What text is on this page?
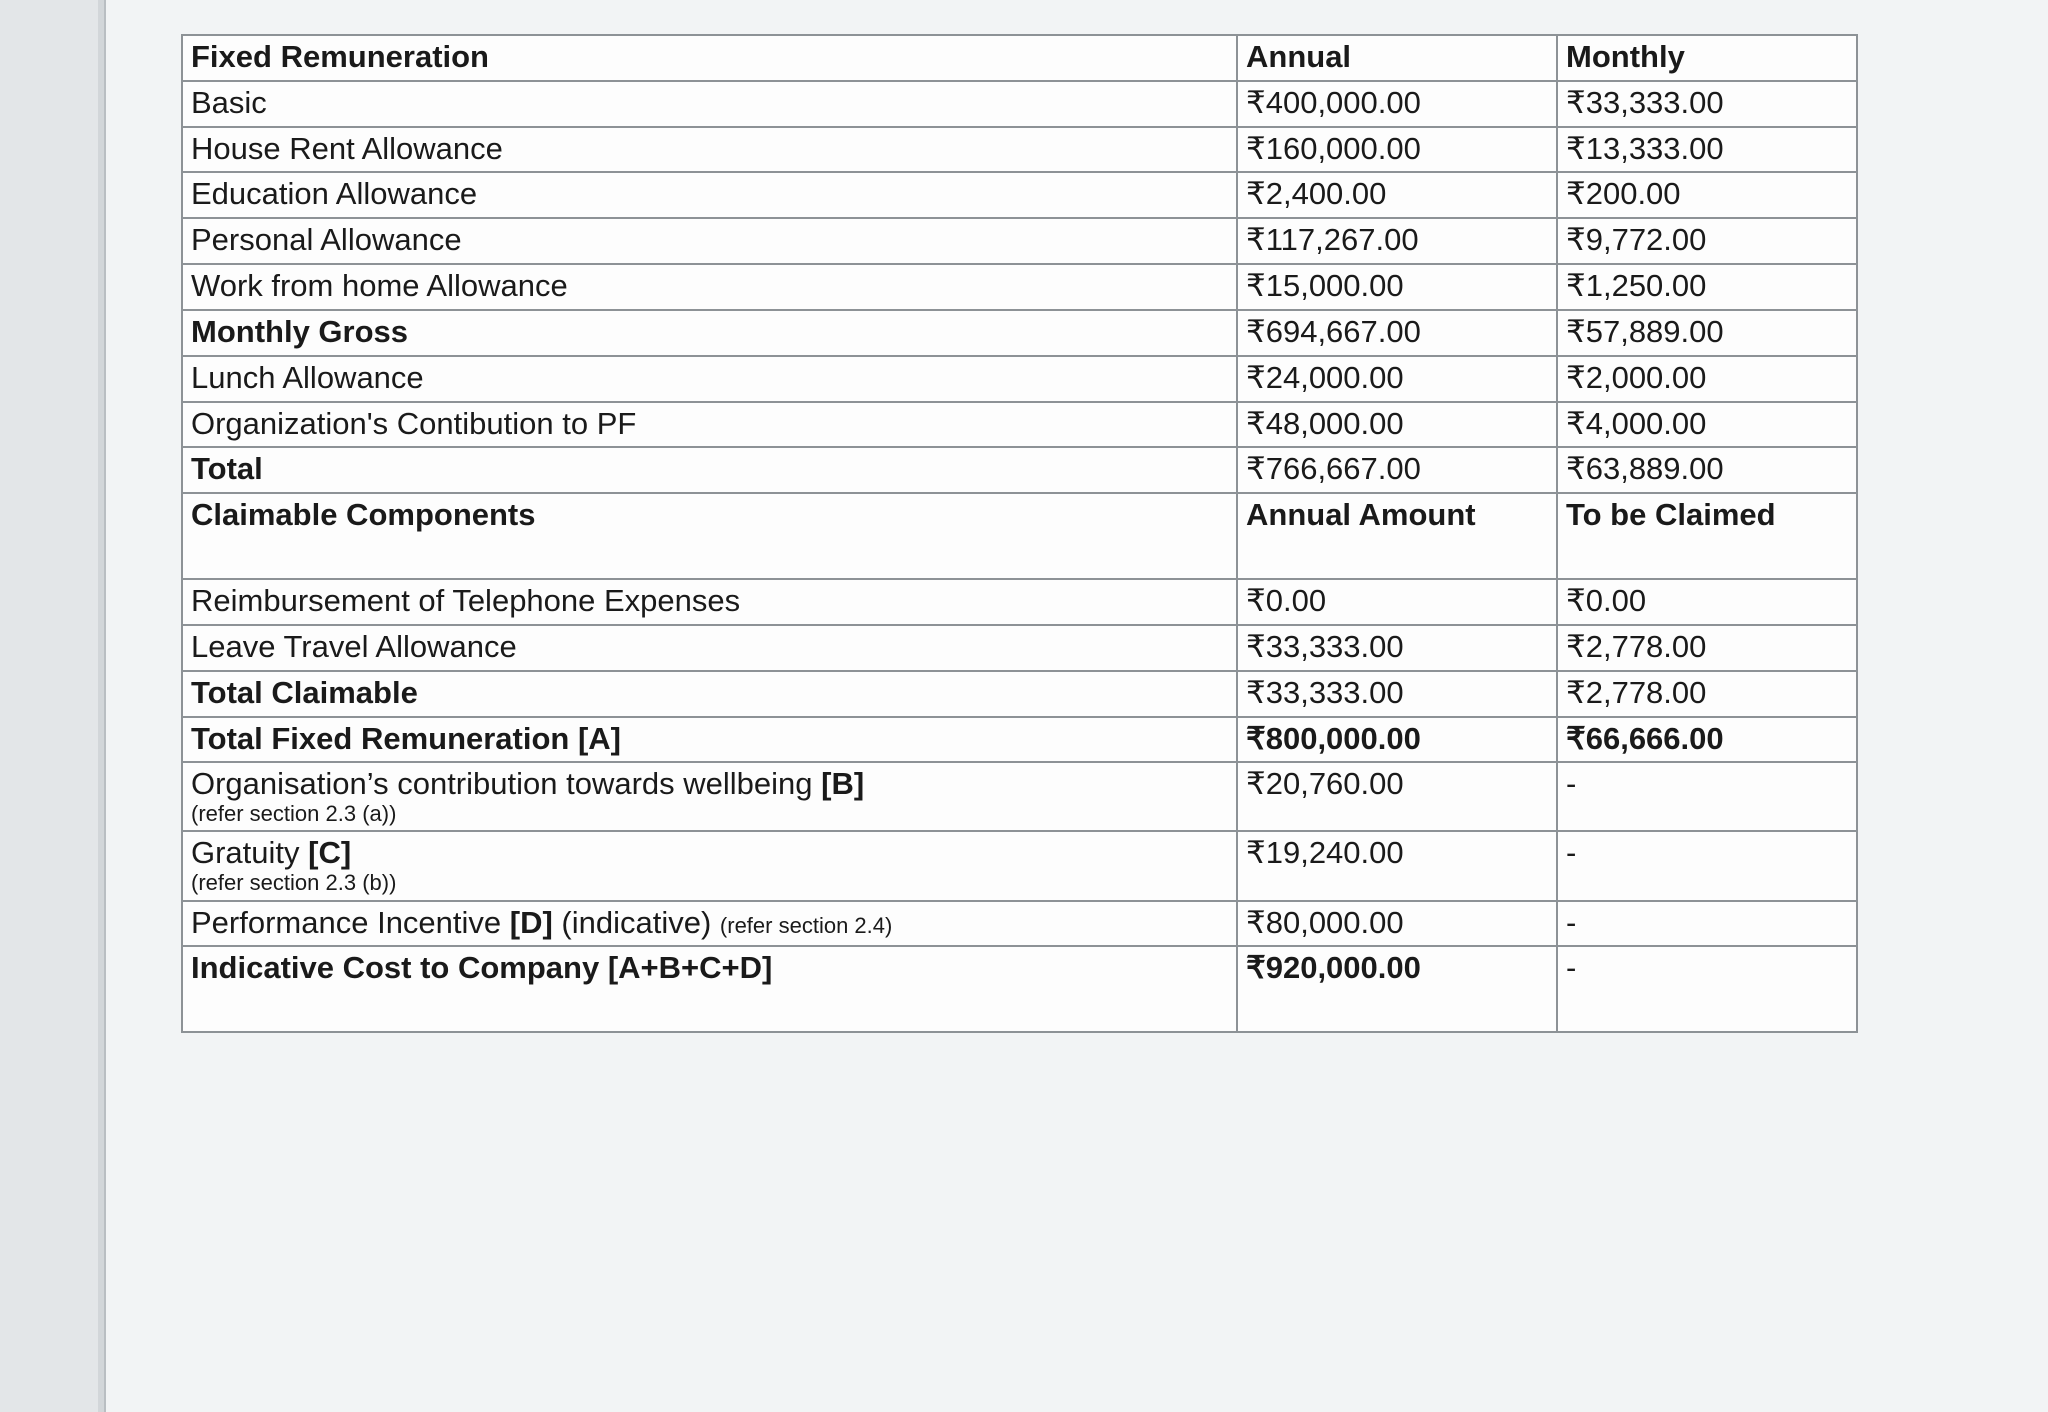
Fixed Remuneration	Annual	Monthly
Basic	₹400,000.00	₹33,333.00
House Rent Allowance	₹160,000.00	₹13,333.00
Education Allowance	₹2,400.00	₹200.00
Personal Allowance	₹117,267.00	₹9,772.00
Work from home Allowance	₹15,000.00	₹1,250.00
Monthly Gross	₹694,667.00	₹57,889.00
Lunch Allowance	₹24,000.00	₹2,000.00
Organization's Contibution to PF	₹48,000.00	₹4,000.00
Total	₹766,667.00	₹63,889.00
Claimable Components	Annual Amount	To be Claimed
Reimbursement of Telephone Expenses	₹0.00	₹0.00
Leave Travel Allowance	₹33,333.00	₹2,778.00
Total Claimable	₹33,333.00	₹2,778.00
Total Fixed Remuneration [A]	₹800,000.00	₹66,666.00
Organisation’s contribution towards wellbeing [B]
(refer section 2.3 (a))	₹20,760.00	-
Gratuity [C]
(refer section 2.3 (b))	₹19,240.00	-
Performance Incentive [D] (indicative) (refer section 2.4)	₹80,000.00	-
Indicative Cost to Company [A+B+C+D]	₹920,000.00	-
